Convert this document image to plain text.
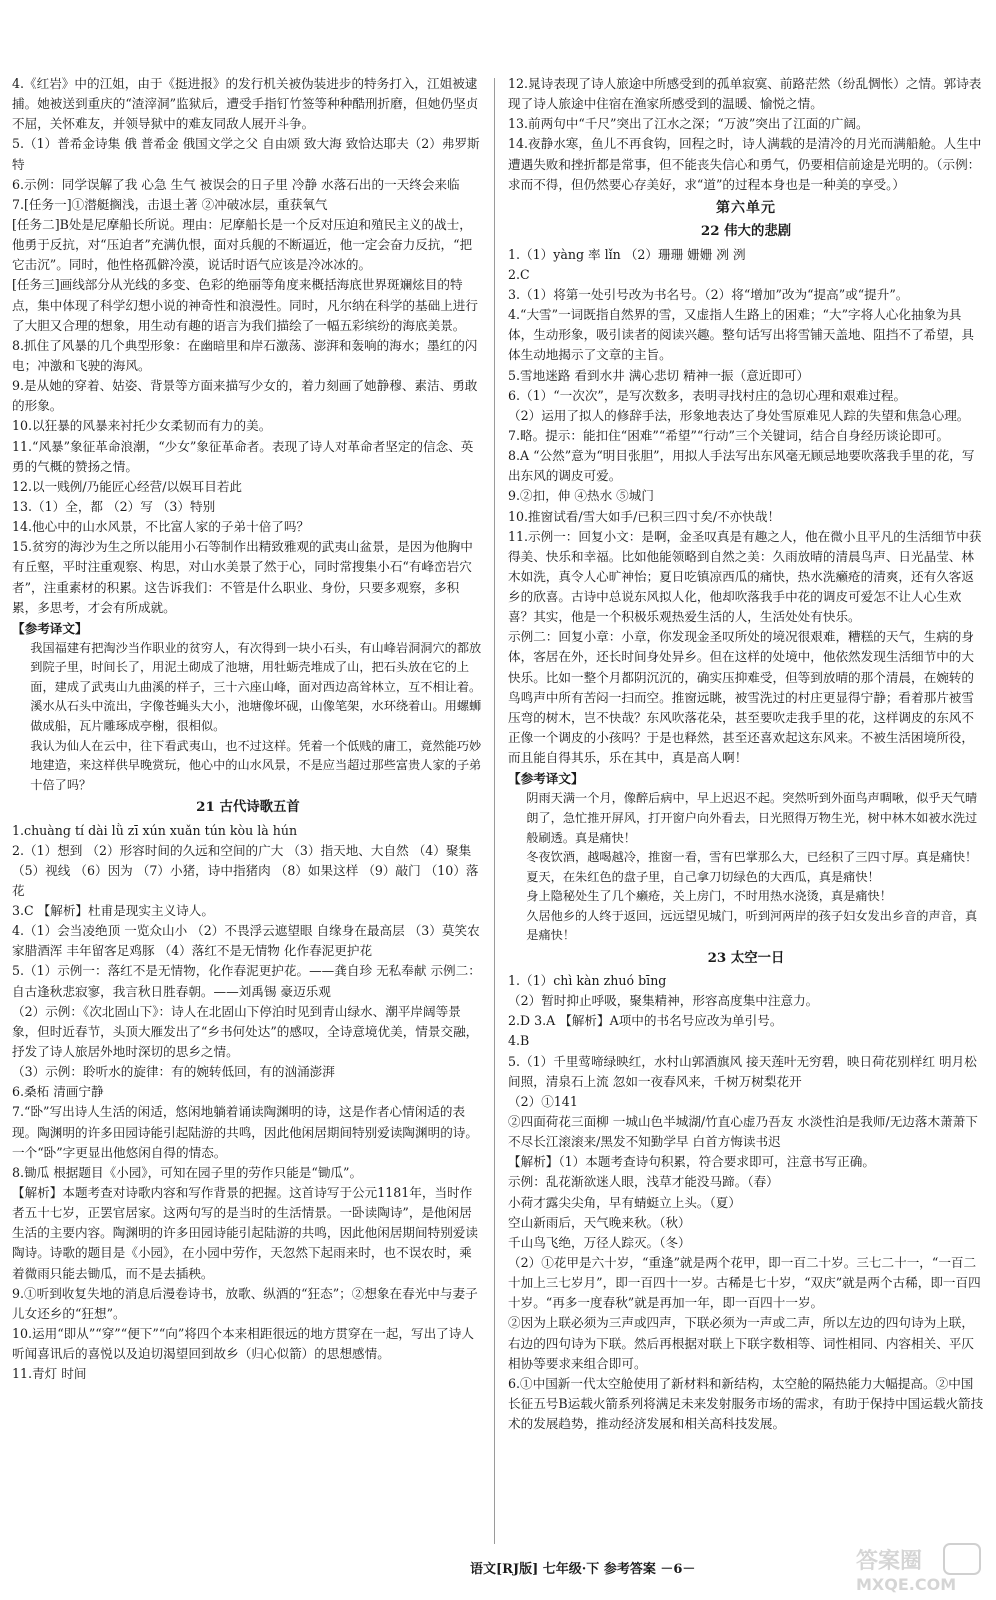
4.《红岩》中的江姐，由于《挺进报》的发行机关被伪装进步的特务打入，江姐被逮捕。她被送到重庆的“渣滓洞”监狱后，遭受手指钉竹签等种种酷刑折磨，但她仍坚贞不屈，关怀难友，并领导狱中的难友同敌人展开斗争。

5.（1）普希金诗集 俄 普希金 俄国文学之父 自由颂 致大海 致恰达耶夫（2）弗罗斯特

6.示例：同学误解了我 心急 生气 被误会的日子里 冷静 水落石出的一天终会来临

7.[任务一]①潜艇搁浅，击退土著 ②冲破冰层，重获氧气

[任务二]B处是尼摩船长所说。理由：尼摩船长是一个反对压迫和殖民主义的战士，他勇于反抗，对“压迫者”充满仇恨，面对兵舰的不断逼近，他一定会奋力反抗，“把它击沉”。同时，他性格孤僻冷漠，说话时语气应该是冷冰冰的。

[任务三]画线部分从光线的多变、色彩的绝丽等角度来概括海底世界斑斓炫目的特点，集中体现了科学幻想小说的神奇性和浪漫性。同时，凡尔纳在科学的基础上进行了大胆又合理的想象，用生动有趣的语言为我们描绘了一幅五彩缤纷的海底美景。

8.抓住了风暴的几个典型形象：在幽暗里和岸石激荡、澎湃和轰响的海水；墨红的闪电；冲激和飞驶的海风。

9.是从她的穿着、姑姿、背景等方面来描写少女的，着力刻画了她静穆、素洁、勇敢的形象。

10.以狂暴的风暴来衬托少女柔韧而有力的美。

11.“风暴”象征革命浪潮，“少女”象征革命者。表现了诗人对革命者坚定的信念、英勇的气概的赞扬之情。

12.以一贱例/乃能匠心经营/以娱耳目若此

13.（1）全，都 （2）写 （3）特别

14.他心中的山水风景，不比富人家的子弟十倍了吗？

15.贫穷的海沙为生之所以能用小石等制作出精致雅观的武夷山盆景，是因为他胸中有丘壑，平时注重观察、构思，对山水美景了然于心，同时常搜集小石“有峰峦岩穴者”，注重素材的积累。这告诉我们：不管是什么职业、身份，只要多观察，多积累，多思考，才会有所成就。

【参考译文】

我国福建有把淘沙当作职业的贫穷人，有次得到一块小石头，有山峰岩洞洞穴的都放到院子里，时间长了，用泥土砌成了池塘，用牡蛎壳堆成了山，把石头放在它的上面，建成了武夷山九曲溪的样子，三十六座山峰，面对西边高耸林立，互不相让着。溪水从石头中流出，字像苍蝇头大小，池塘像坏砚，山像笔架，水环绕着山。用螺蛳做成船，瓦片雕琢成亭榭，很相似。

我认为仙人在云中，往下看武夷山，也不过这样。凭着一个低贱的庸工，竟然能巧妙地建造，来这样供早晚赏玩，他心中的山水风景，不是应当超过那些富贵人家的子弟十倍了吗？

21 古代诗歌五首

1.chuàng tí dài lǜ zī xún xuǎn tún kòu là hún

2.（1）想到 （2）形容时间的久远和空间的广大 （3）指天地、大自然 （4）聚集 （5）视线 （6）因为 （7）小猪，诗中指猪肉 （8）如果这样 （9）敲门 （10）落花

3.C 【解析】杜甫是现实主义诗人。

4.（1）会当凌绝顶 一览众山小 （2）不畏浮云遮望眼 自缘身在最高层 （3）莫笑农家腊酒浑 丰年留客足鸡豚 （4）落红不是无情物 化作春泥更护花

5.（1）示例一：落红不是无情物，化作春泥更护花。——龚自珍 无私奉献 示例二：自古逢秋悲寂寥，我言秋日胜春朝。——刘禹锡 豪迈乐观

（2）示例：《次北固山下》：诗人在北固山下停泊时见到青山绿水、潮平岸阔等景象，但时近春节，头顶大雁发出了“乡书何处达”的感叹，全诗意境优美，情景交融，抒发了诗人旅居外地时深切的思乡之情。

（3）示例：聆听水的旋律：有的婉转低回，有的汹涌澎湃

6.桑柘 清画宁静

7.“卧”写出诗人生活的闲适，悠闲地躺着诵读陶渊明的诗，这是作者心情闲适的表现。陶渊明的许多田园诗能引起陆游的共鸣，因此他闲居期间特别爱读陶渊明的诗。一个“卧”字更显出他悠闲自得的情态。

8.锄瓜 根据题目《小园》，可知在园子里的劳作只能是“锄瓜”。

【解析】本题考查对诗歌内容和写作背景的把握。这首诗写于公元1181年，当时作者五十七岁，正罢官居家。这两句写的是当时的生活情景。一卧读陶诗”，是他闲居生活的主要内容。陶渊明的许多田园诗能引起陆游的共鸣，因此他闲居期间特别爱读陶诗。诗歌的题目是《小园》，在小园中劳作，天忽然下起雨来时，也不误农时，乘着微雨只能去锄瓜，而不是去插秧。

9.①听到收复失地的消息后漫卷诗书，放歌、纵酒的“狂态”；②想象在春光中与妻子儿女还乡的“狂想”。

10.运用“即从”“穿”“便下”“向”将四个本来相距很远的地方贯穿在一起，写出了诗人听闻喜讯后的喜悦以及迫切渴望回到故乡（归心似箭）的思想感情。

11.青灯 时间

12.晁诗表现了诗人旅途中所感受到的孤单寂寞、前路茫然（纷乱惆怅）之情。郭诗表现了诗人旅途中住宿在渔家所感受到的温暖、愉悦之情。

13.前两句中“千尺”突出了江水之深；“万波”突出了江面的广阔。

14.夜静水寒，鱼儿不再食钩，回程之时，诗人满载的是清冷的月光而满船舱。人生中遭遇失败和挫折都是常事，但不能丧失信心和勇气，仍要相信前途是光明的。（示例：求而不得，但仍然要心存美好，求“道”的过程本身也是一种美的享受。）

第六单元
22 伟大的悲剧

1.（1）yàng 率 lǐn （2）珊珊 姗姗 冽 洌

2.C

3.（1）将第一处引号改为书名号。（2）将“增加”改为“提高”或“提升”。

4.“大雪”一词既指自然界的雪，又虚指人生路上的困难；“大”字将人心化抽象为具体，生动形象，吸引读者的阅读兴趣。整句话写出将雪铺天盖地、阻挡不了希望，具体生动地揭示了文章的主旨。

5.雪地迷路 看到水井 满心悲切 精神一振（意近即可）

6.（1）“一次次”，是写次数多，表明寻找村庄的急切心理和艰难过程。

（2）运用了拟人的修辞手法，形象地表达了身处雪原难见人踪的失望和焦急心理。

7.略。提示：能扣住“困难”“希望”“行动”三个关键词，结合自身经历谈论即可。

8.A “公然”意为“明目张胆”，用拟人手法写出东风毫无顾忌地要吹落我手里的花，写出东风的调皮可爱。

9.②扣，伸 ④热水 ⑤城门

10.推窗试看/雪大如手/已积三四寸矣/不亦快哉！

11.示例一：回复小文：是啊，金圣叹真是有趣之人，他在微小且平凡的生活细节中获得美、快乐和幸福。比如他能领略到自然之美：久雨放晴的清晨鸟声、日光晶莹、林木如洗，真令人心旷神怡；夏日吃镇凉西瓜的痛快，热水洗癞疮的清爽，还有久客返乡的欣喜。古诗中总说东风拟人化，他却吹落我手中花的调皮可爱怎不让人心生欢喜？其实，他是一个积极乐观热爱生活的人，生活处处有快乐。

示例二：回复小章：小章，你发现金圣叹所处的境况很艰难，糟糕的天气，生病的身体，客居在外，还长时间身处异乡。但在这样的处境中，他依然发现生活细节中的大快乐。比如一整个月都阴沉沉的，确实压抑难受，但等到放晴的那个清晨，在婉转的鸟鸣声中所有苦闷一扫而空。推窗远眺，被雪洗过的村庄更显得宁静；看着那片被雪压弯的树木，岂不快哉？东风吹落花朵，甚至要吹走我手里的花，这样调皮的东风不正像一个调皮的小孩吗？于是也释然，甚至还喜欢起这东风来。不被生活困境所役，而且能自得其乐，乐在其中，真是高人啊！

【参考译文】

阴雨天满一个月，像醉后病中，早上迟迟不起。突然听到外面鸟声啁啾，似乎天气晴朗了，急忙推开屏风，打开窗户向外看去，日光照得万物生光，树中林木如被水洗过般刷透。真是痛快！

冬夜饮酒，越喝越冷，推窗一看，雪有巴掌那么大，已经积了三四寸厚。真是痛快！

夏天，在朱红色的盘子里，自己拿刀切绿色的大西瓜，真是痛快！

身上隐秘处生了几个癞疮，关上房门，不时用热水浇烫，真是痛快！

久居他乡的人终于返回，远远望见城门，听到河两岸的孩子妇女发出乡音的声音，真是痛快！

23 太空一日

1.（1）chì kàn zhuó bīng

（2）暂时抑止呼吸，聚集精神，形容高度集中注意力。

2.D 3.A 【解析】A项中的书名号应改为单引号。

4.B

5.（1）千里莺啼绿映红，水村山郭酒旗风 接天莲叶无穷碧，映日荷花别样红 明月松间照，清泉石上流 忽如一夜春风来，千树万树梨花开

（2）①141

②四面荷花三面柳 一城山色半城湖/竹直心虚乃吾友 水淡性泊是我师/无边落木萧萧下 不尽长江滚滚来/黑发不知勤学早 白首方悔读书迟

【解析】（1）本题考查诗句积累，符合要求即可，注意书写正确。

示例：乱花渐欲迷人眼，浅草才能没马蹄。（春）

小荷才露尖尖角，早有蜻蜓立上头。（夏）

空山新雨后，天气晚来秋。（秋）

千山鸟飞绝，万径人踪灭。（冬）

（2）①花甲是六十岁，“重逢”就是两个花甲，即一百二十岁。三七二十一，“一百二十加上三七岁月”，即一百四十一岁。古稀是七十岁，“双庆”就是两个古稀，即一百四十岁。“再多一度春秋”就是再加一年，即一百四十一岁。

②因为上联必须为三声或四声，下联必须为一声或二声，所以左边的四句诗为上联，右边的四句诗为下联。然后再根据对联上下联字数相等、词性相同、内容相关、平仄相协等要求来组合即可。

6.①中国新一代太空舱使用了新材料和新结构，太空舱的隔热能力大幅提高。②中国长征五号B运载火箭系列将满足未来发射服务市场的需求，有助于保持中国运载火箭技术的发展趋势，推动经济发展和相关高科技发展。

语文[RJ版] 七年级·下 参考答案 －6－	答案圈
MXQE.COM
